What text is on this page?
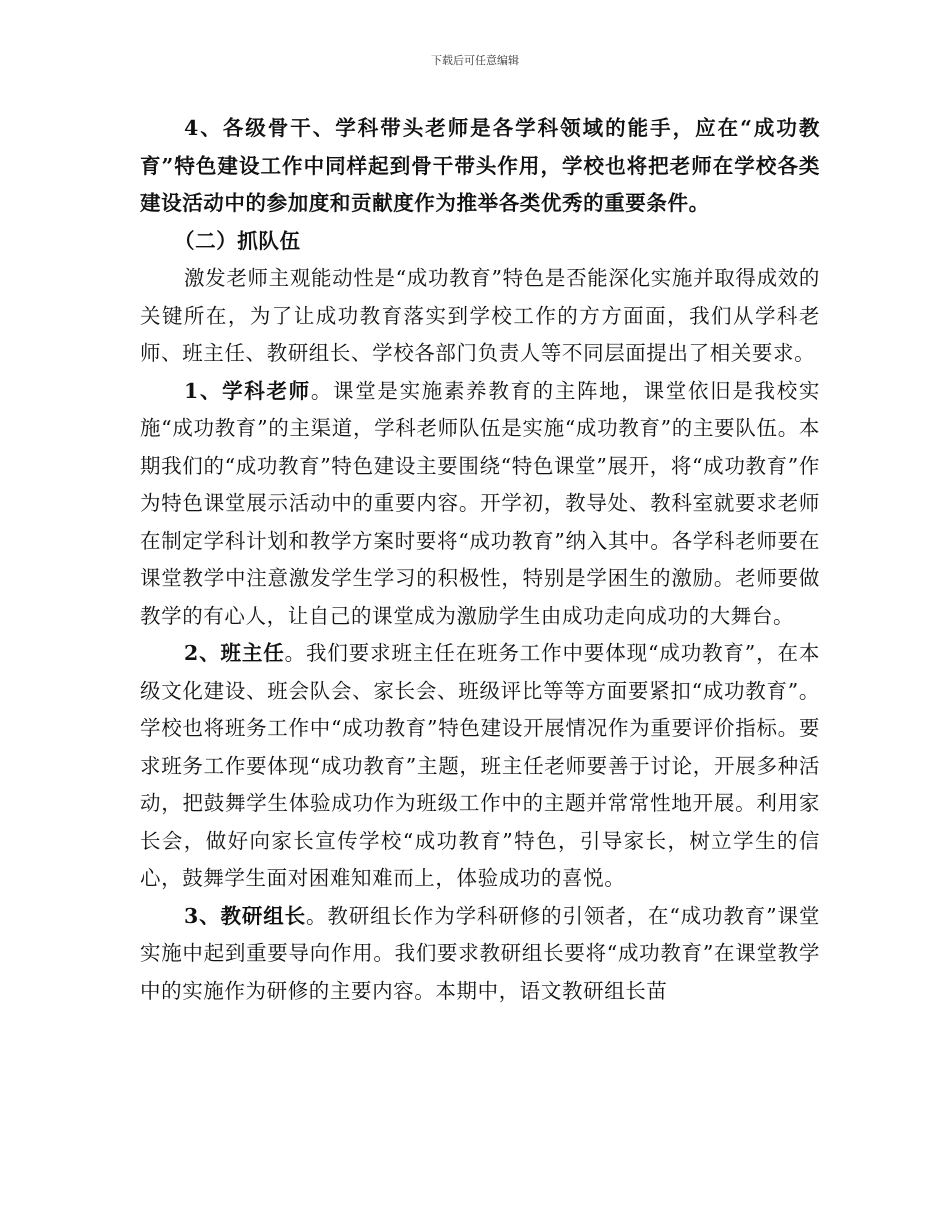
下载后可任意编辑

4、各级骨干、学科带头老师是各学科领域的能手，应在“成功教育”特色建设工作中同样起到骨干带头作用，学校也将把老师在学校各类建设活动中的参加度和贡献度作为推举各类优秀的重要条件。

（二）抓队伍

激发老师主观能动性是“成功教育”特色是否能深化实施并取得成效的关键所在，为了让成功教育落实到学校工作的方方面面，我们从学科老师、班主任、教研组长、学校各部门负责人等不同层面提出了相关要求。

1、学科老师。课堂是实施素养教育的主阵地，课堂依旧是我校实施“成功教育”的主渠道，学科老师队伍是实施“成功教育”的主要队伍。本期我们的“成功教育”特色建设主要围绕“特色课堂”展开，将“成功教育”作为特色课堂展示活动中的重要内容。开学初，教导处、教科室就要求老师在制定学科计划和教学方案时要将“成功教育”纳入其中。各学科老师要在课堂教学中注意激发学生学习的积极性，特别是学困生的激励。老师要做教学的有心人，让自己的课堂成为激励学生由成功走向成功的大舞台。

2、班主任。我们要求班主任在班务工作中要体现“成功教育”，在本级文化建设、班会队会、家长会、班级评比等等方面要紧扣“成功教育”。学校也将班务工作中“成功教育”特色建设开展情况作为重要评价指标。要求班务工作要体现“成功教育”主题，班主任老师要善于讨论，开展多种活动，把鼓舞学生体验成功作为班级工作中的主题并常常性地开展。利用家长会，做好向家长宣传学校“成功教育”特色，引导家长，树立学生的信心，鼓舞学生面对困难知难而上，体验成功的喜悦。

3、教研组长。教研组长作为学科研修的引领者，在“成功教育”课堂实施中起到重要导向作用。我们要求教研组长要将“成功教育”在课堂教学中的实施作为研修的主要内容。本期中，语文教研组长苗
